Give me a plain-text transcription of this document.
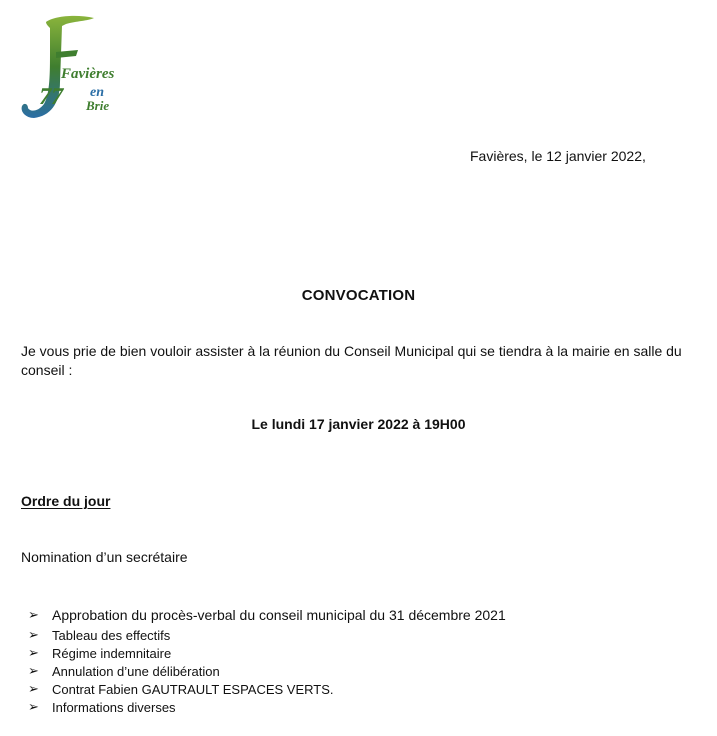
Favières
77 en
Brie
Favières, le 12 janvier 2022,
CONVOCATION
Je vous prie de bien vouloir assister à la réunion du Conseil Municipal qui se tiendra à la mairie en salle du conseil :
Le lundi 17 janvier 2022 à 19H00
Ordre du jour
Nomination d’un secrétaire
➢ Approbation du procès-verbal du conseil municipal du 31 décembre 2021
➢	Tableau des effectifs
➢	Régime indemnitaire
➢	Annulation d’une délibération
➢	Contrat Fabien GAUTRAULT ESPACES VERTS.
➢	Informations diverses
